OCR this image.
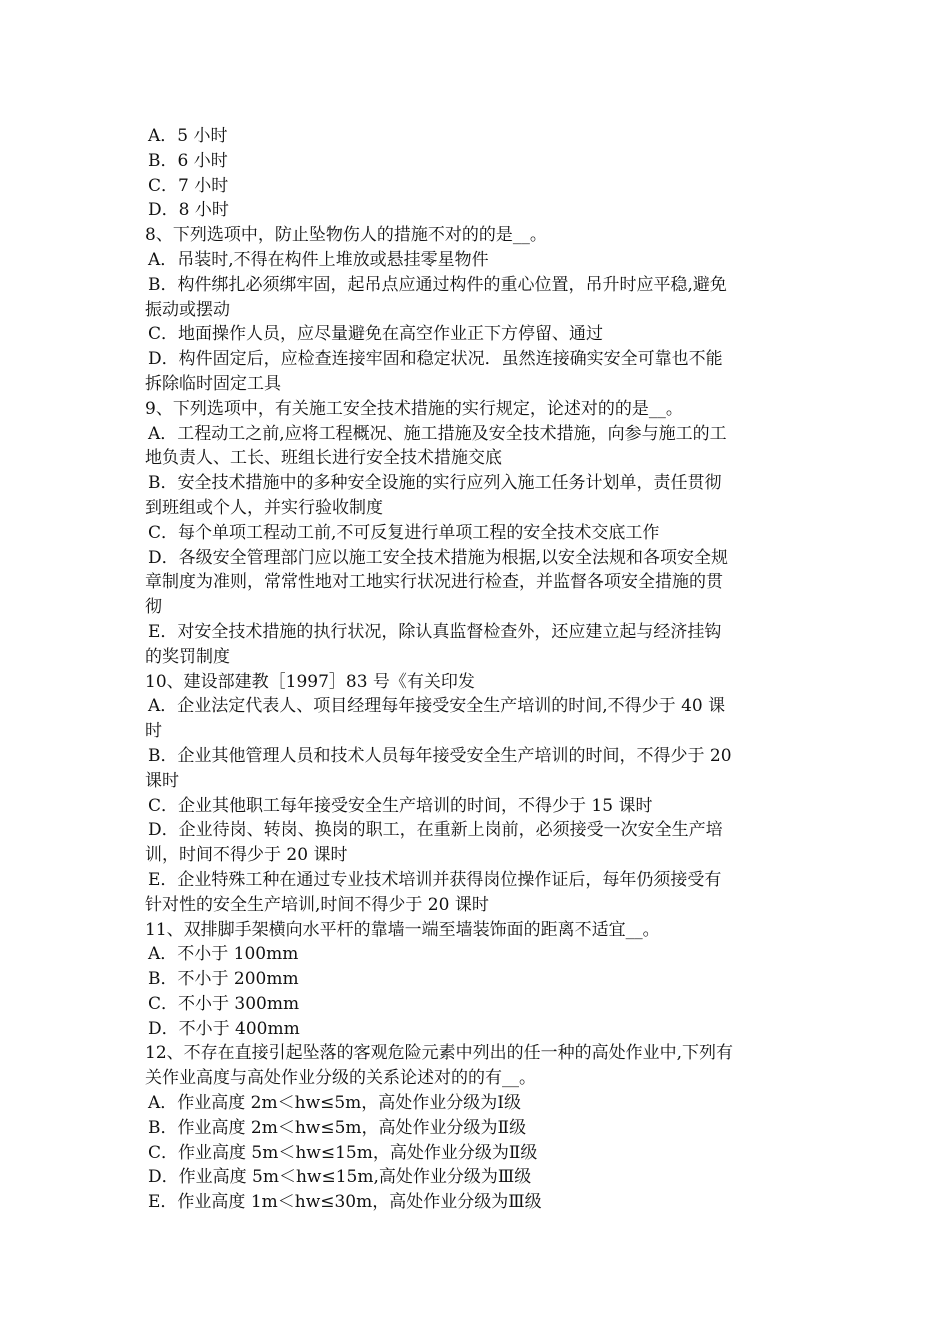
A．5 小时
B．6 小时
C．7 小时
D．8 小时
8、下列选项中，防止坠物伤人的措施不对的的是__。
A．吊装时,不得在构件上堆放或悬挂零星物件
B．构件绑扎必须绑牢固，起吊点应通过构件的重心位置，吊升时应平稳,避免
振动或摆动
C．地面操作人员，应尽量避免在高空作业正下方停留、通过
D．构件固定后，应检查连接牢固和稳定状况．虽然连接确实安全可靠也不能
拆除临时固定工具
9、下列选项中，有关施工安全技术措施的实行规定，论述对的的是__。
A．工程动工之前,应将工程概况、施工措施及安全技术措施，向参与施工的工
地负责人、工长、班组长进行安全技术措施交底
B．安全技术措施中的多种安全设施的实行应列入施工任务计划单，责任贯彻
到班组或个人，并实行验收制度
C．每个单项工程动工前,不可反复进行单项工程的安全技术交底工作
D．各级安全管理部门应以施工安全技术措施为根据,以安全法规和各项安全规
章制度为准则，常常性地对工地实行状况进行检查，并监督各项安全措施的贯
彻
E．对安全技术措施的执行状况，除认真监督检查外，还应建立起与经济挂钩
的奖罚制度
10、建设部建教［1997］83 号《有关印发
A．企业法定代表人、项目经理每年接受安全生产培训的时间,不得少于 40 课
时
B．企业其他管理人员和技术人员每年接受安全生产培训的时间，不得少于 20
课时
C．企业其他职工每年接受安全生产培训的时间，不得少于 15 课时
D．企业待岗、转岗、换岗的职工，在重新上岗前，必须接受一次安全生产培
训，时间不得少于 20 课时
E．企业特殊工种在通过专业技术培训并获得岗位操作证后，每年仍须接受有
针对性的安全生产培训,时间不得少于 20 课时
11、双排脚手架横向水平杆的靠墙一端至墙装饰面的距离不适宜__。
A．不小于 100mm
B．不小于 200mm
C．不小于 300mm
D．不小于 400mm
12、不存在直接引起坠落的客观危险元素中列出的任一种的高处作业中,下列有
关作业高度与高处作业分级的关系论述对的的有__。
A．作业高度 2m＜hw≤5m，高处作业分级为Ⅰ级
B．作业高度 2m＜hw≤5m，高处作业分级为Ⅱ级
C．作业高度 5m＜hw≤15m，高处作业分级为Ⅱ级
D．作业高度 5m＜hw≤15m,高处作业分级为Ⅲ级
E．作业高度 1m＜hw≤30m，高处作业分级为Ⅲ级
